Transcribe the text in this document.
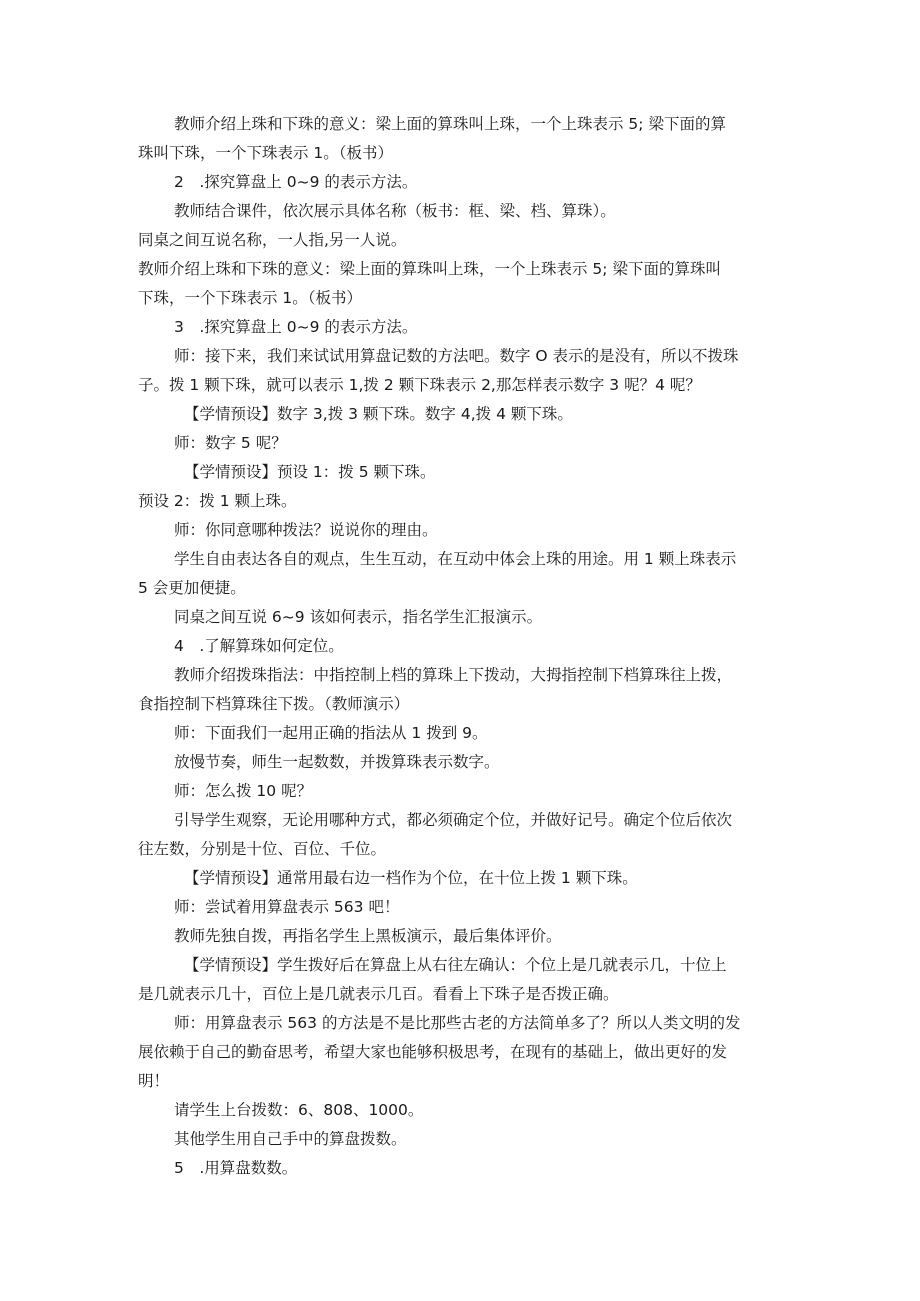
教师介绍上珠和下珠的意义：梁上面的算珠叫上珠，一个上珠表示 5; 梁下面的算
珠叫下珠，一个下珠表示 1。（板书）
2　.探究算盘上 0~9 的表示方法。
教师结合课件，依次展示具体名称（板书：框、梁、档、算珠）。
同桌之间互说名称，一人指,另一人说。
教师介绍上珠和下珠的意义：梁上面的算珠叫上珠，一个上珠表示 5; 梁下面的算珠叫
下珠，一个下珠表示 1。（板书）
3　.探究算盘上 0~9 的表示方法。
师：接下来，我们来试试用算盘记数的方法吧。数字 O 表示的是没有，所以不拨珠
子。拨 1 颗下珠，就可以表示 1,拨 2 颗下珠表示 2,那怎样表示数字 3 呢？4 呢？
【学情预设】数字 3,拨 3 颗下珠。数字 4,拨 4 颗下珠。
师：数字 5 呢？
【学情预设】预设 1：拨 5 颗下珠。
预设 2：拨 1 颗上珠。
师：你同意哪种拨法？说说你的理由。
学生自由表达各自的观点，生生互动，在互动中体会上珠的用途。用 1 颗上珠表示
5 会更加便捷。
同桌之间互说 6~9 该如何表示，指名学生汇报演示。
4　.了解算珠如何定位。
教师介绍拨珠指法：中指控制上档的算珠上下拨动，大拇指控制下档算珠往上拨，
食指控制下档算珠往下拨。（教师演示）
师：下面我们一起用正确的指法从 1 拨到 9。
放慢节奏，师生一起数数，并拨算珠表示数字。
师：怎么拨 10 呢？
引导学生观察，无论用哪种方式，都必须确定个位，并做好记号。确定个位后依次
往左数，分别是十位、百位、千位。
【学情预设】通常用最右边一档作为个位，在十位上拨 1 颗下珠。
师：尝试着用算盘表示 563 吧！
教师先独自拨，再指名学生上黑板演示，最后集体评价。
【学情预设】学生拨好后在算盘上从右往左确认：个位上是几就表示几，十位上
是几就表示几十，百位上是几就表示几百。看看上下珠子是否拨正确。
师：用算盘表示 563 的方法是不是比那些古老的方法简单多了？所以人类文明的发
展依赖于自己的勤奋思考，希望大家也能够积极思考，在现有的基础上，做出更好的发
明！
请学生上台拨数：6、808、1000。
其他学生用自己手中的算盘拨数。
5　.用算盘数数。
